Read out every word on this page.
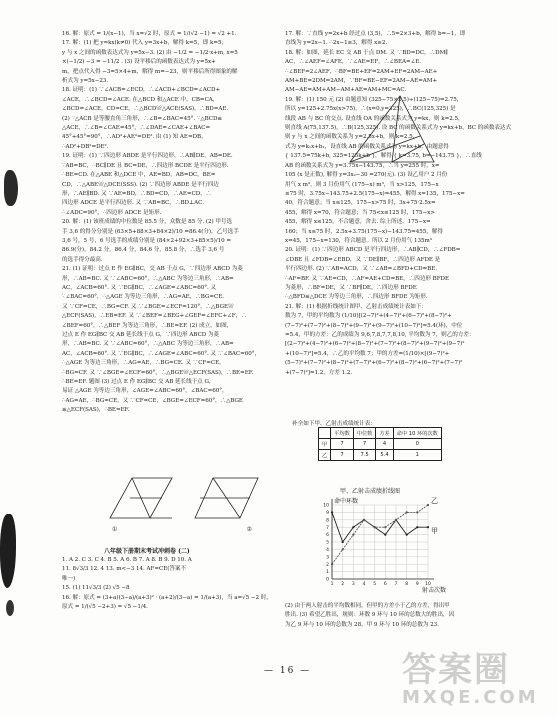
16. 解：原式 = 1/(x−1)，当 x=√2 时，原式 = 1/(√2 −1) = √2 +1.

17. 解：(1) 把 y=kx(k≠0) 代入 y=3x+b，解得 k=5，即 k=5；

y 与 x 之间的函数表达式为 y=5x−3. (2) 由 −1/2 = −1/2·x+m, x=5

×(−1/2) −3 = −11/2 . (3) 设平移后的函数表达式为 y=5x+

m，把点代入得 −3=5×4+m，解得 m=−23，则平移后所得图象的解

析式为 y=5x−23.

18. 证明：(1) ∵∠ACB=∠ECD，∴∠ACD+∠BCD=∠ACD+

∠ACE，∴∠BCD=∠ACE. 在△BCD 和△ACE 中，CB=CA，

∠BCD=∠ACE，CD=CE，∴△BCD≌△ACE(SAS)，∴BD=AE.

(2) ∵△ACB 是等腰直角三角形，∴∠B=∠BAC=45°. ∵△BCD≌

△ACE，∴∠B=∠CAE=45°，∴∠DAE=∠CAE+∠BAC=

45°+45°=90°，∴AD²+AE²=DE². 由 (1) 知 AE=DB，

∴AD²+DB²=DE².

19. 证明：(1) ∵四边形 ABDE 是平行四边形，∴AB∥DE，AB=DE.

∵AB=BC，∴BC∥DE 且 BC=DE，∴四边形 BCDE 是平行四边形.

∴BE=CD. 在△ABE 和△DCE 中，AE=BD，AB=DC，BE=

CD，∴△ABE≌△DCE(SSS). (2) ∵四边形 ABDE 是平行四边

形，∴AE∥BD. 又 ∵AE=BD，∴BD=CD，∴AE=CD，∴

四边形 ADCE 是平行四边形. 又 ∵AB=BC，∴BD⊥AC.

∴∠ADC=90°，∴四边形 ADCE 是矩形.

20. 解：(1) 该班成绩的中位数是 85.5 分，众数是 85 分. (2) 甲号选

手 3,6 的得分分别是 (63×5+88×3+84×2)/10 =86.4(分)，乙号选手

3,6 号，5 号，6 号选手的成绩分别是 (84×2+92×3+85×5)/10 =

86.9(分)，84.2 分，86.4 分，84.6 分，85.8 分，∴选手 3,6 号

的选手得分最高.

21. (1) 证明：过点 E 作 EG∥BC，交 AB 于点 G，∵四边形 ABCD 为菱

形，∴AB=BC. 又 ∵∠ABC=60°，∴△ABC 为等边三角形，∴AB=

AC，∠ACB=60°. 又 ∵EG∥BC，∴∠AGE=∠ABC=60°. 又

∵∠BAC=60°，∴△AGE 为等边三角形，∴AG=AE，∴BG=CE.

又 ∵CF=CE，∴BG=CF. 又 ∵∠BGE=∠ECF=120°，∴△BGE≌

△ECF(SAS)，∴EB=EF. 又 ∵∠BEF=∠BEG+∠GEF=∠EFC+∠F，∴

∠BEF=60°，∴△BEF 为等边三角形，∴BE=EF. (2) 成立，如图，

过点 E 作 EG∥BC 交 AB 延长线于点 G，∵四边形 ABCD 为菱

形，∴AB=BC. 又 ∵∠ABC=60°，∴△ABC 为等边三角形，∴AB=

AC，∠ACB=60°. 又 ∵EG∥BC，∴∠AGE=∠ABC=60°. 又 ∵∠BAC=60°，

∴△AGE 为等边三角形，∴AG=AE，∴BG=CE. 又 ∵CF=CE，

∴BG=CF. 又 ∵∠BGE=∠ECF=60°，∴△BGE≌△ECF(SAS)，∴BE=EF.

∴BE=EF. 题图 (3) 过点 E 作 EG∥BC 交 AB 延长线于点 G，

易证 △AGE 为等边三角形，∠AGE=∠ABC=60°，∠BAC=60°，

∴AG=AE，∴BG=CE，又 ∵CF=CE，∠BGE=∠ECF=60°，∴△BGE

≌△ECF(SAS)，∴BE=EF.

①	②
八年级下册期末考试冲刺卷 (二)

1. A 2. C 3. C 4. B 5. A 6. B 7. A 8. B 9. D 10. A

11. 8√3/3 12. 4 13. m<−3 14. AF=CE(答案不

唯一)

15. (1) 11√3/3 (2) √5 −8

16. 解：原式 = (3+a)(3−a)/(a+3)² · (a+2)/(3−a) = 1/(a+3)，当 a=√5 −2 时，

原式 = 1/(√5 −2+3) = √5 −1/4.

17. 解：∵直线 y=2x+b 经过点 (3,5)，∴5=2×3+b，解得 b=−1，即

直线为 y=2x−1. ∴2x−1≥3，解得 x≥2.

18. 解：如图，延长 EC 交 AB 于点 DM. 又 ∵BD=DC，∴DM∥

AC，∴∠AEF=∠AFE，∵∠AE=EF，∴∠BEA=∠E.

∴∠BEF=2∠AEF，∴BF=BE+EF=2AM+EF=2AM−AE+

AM+BE=2DM=2AM，∵BF=BE−EF=2AM−AE=AM+

AM−AE=AM+AM−AM+AE=AM+MC=AC.

19. 解：(1) 150 元 (2) 由题意知 (325−75×2.5)÷(125−75)=2.75，

所以 y=125+2.75x(x>75)，∴(x=0,y=325)，∴BC(125,325) 是

线段 AB 与 BC 的交点. 设直线 OA 的函数关系式为 y=kx，则 k=2.5，

则直线 A(75,137.5)，∴B(125,325). 设 BC 的函数关系式为 y=kx+b，BC 的函数表达式

则 y 与 x 之间的函数关系为 y=2.5x+b，则 k=2.5，

式为 y=k₁x+b₁，设直线 AB 的函数关系式为 y=kx+b，由题意得

{ 137.5=75k+b, 325=125k+b }，解得 { k=3.75, b=−143.75 }，∴直线

AB 的函数关系式为 y=3.75x−143.75，∴当 y=255 时，x=

105 (x 是正数), 解得 y=3x₂−30 =270(元). (3) 设乙用户 2 月份

用气 x m³，则 3 月份用气 (175−x) m³，当 x>125，175−x

≤75 时，3.75x−143.75+2.5(175−x)=455，解得 x=135，175−x=

40，符合题意；当 x≤125，175−x>75 时，3x+75·2.5x=

455，解得 x=70，符合题意；当 75<x≤125 时，175−x>

455，解得 x≤125，不合题意，舍去. 综上所述，175−x=

160；当 x≤75 时，2.5x+3.75(175−x)−143.75=455，解得

x=45，175−x=130，符合题意。所以 2 月份用气 135m³

20. 证明：(1) ∵四边形 ABCD 是平行四边形，∴AB∥CD，∴∠FDB=

∠DBE 且 ∠FDB=∠EBD，又 ∵DE∥BF，∴四边形 AFDE 是

平行四边形. (2) ∵AB=ACD，又 ∵∠AB=∠BFD+CD=BE.

∴AF=BF. 又 ∵AE=CD，∴AF=AE+CD=BE，∴四边形 BFDE

为菱形，∴BF=DE，又 ∵BF∥DE，∴四边形 BFDE

∴△BFD≌△DCE 为等边三角形，∴四边形 BFDE 为矩形.

21. 解：(1) 根据折线统计图甲、乙射击成绩统计表如下：

数为 7，甲的平均数为 (1/10)[(2−7)²+(4−7)²+(6−7)²+(8−7)²+

(7−7)²+(7−7)²+(8−7)²+(9−7)²+(9−7)²+(10−7)²]=5.4(环)，中位

=5.4，甲的方差：乙的成绩为 9,6,7,8,7,7,8,10, 平均数为 7，则乙的方差：

[(2−7)²+(4−7)²+(6−7)²+(8−7)²+(7−7)²+(8−7)²+(9−7)²+(9−7)²

+(10−7)²]=5.4，∴乙的平均数 7；甲的方差=(1/10)×[(9−7)²+

(5−7)²+(7−7)²+(8−7)²+(7−7)²+(6−7)²+(8−7)²+(6−7)²+(7−7)²

+(7−7)²]=1.2，方差 1.2.

补全如下甲、乙射击成绩统计表：
	平均数	中位数	方差	命中 10 环的次数
甲	7	7	4	0
乙	7	7.5	5.4	1
甲、乙射击成绩折线图
0
1
2
3
4
5
6
7
8
9
10
1 2 3 4 5 6 7 8 9 10
命中环数
射击次数
甲
乙

(2) 由于两人射击的平均数相同，但甲的方差小于乙的方差，得出甲

胜出. (3) 希望乙胜出，规则：环数 9 环与 10 环的总数大的胜出，因

为乙 9 环与 10 环的总数为 28，甲 9 环与 10 环的总数为 23.

— 16 —	答案圈
MXQE.COM
